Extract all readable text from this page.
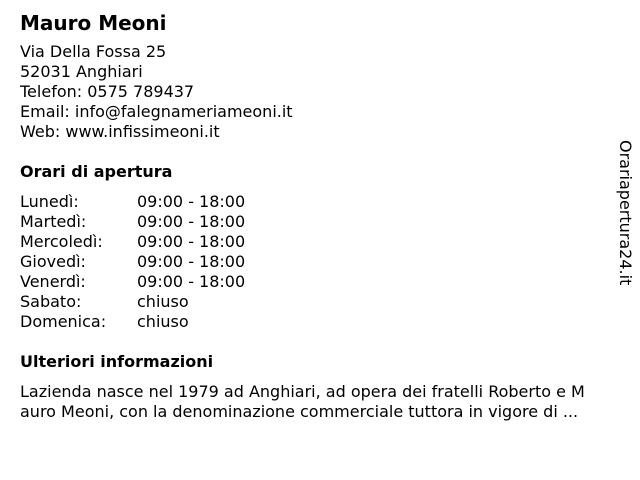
Mauro Meoni
Via Della Fossa 25
52031 Anghiari
Telefon: 0575 789437
Email: info@falegnameriameoni.it
Web: www.infissimeoni.it
Orari di apertura
Lunedì:	09:00 - 18:00
Martedì:	09:00 - 18:00
Mercoledì:	09:00 - 18:00
Giovedì:	09:00 - 18:00
Venerdì:	09:00 - 18:00
Sabato:	chiuso
Domenica:	chiuso
Ulteriori informazioni
Lazienda nasce nel 1979 ad Anghiari, ad opera dei fratelli Roberto e M
auro Meoni, con la denominazione commerciale tuttora in vigore di ...
Orariapertura24.it
